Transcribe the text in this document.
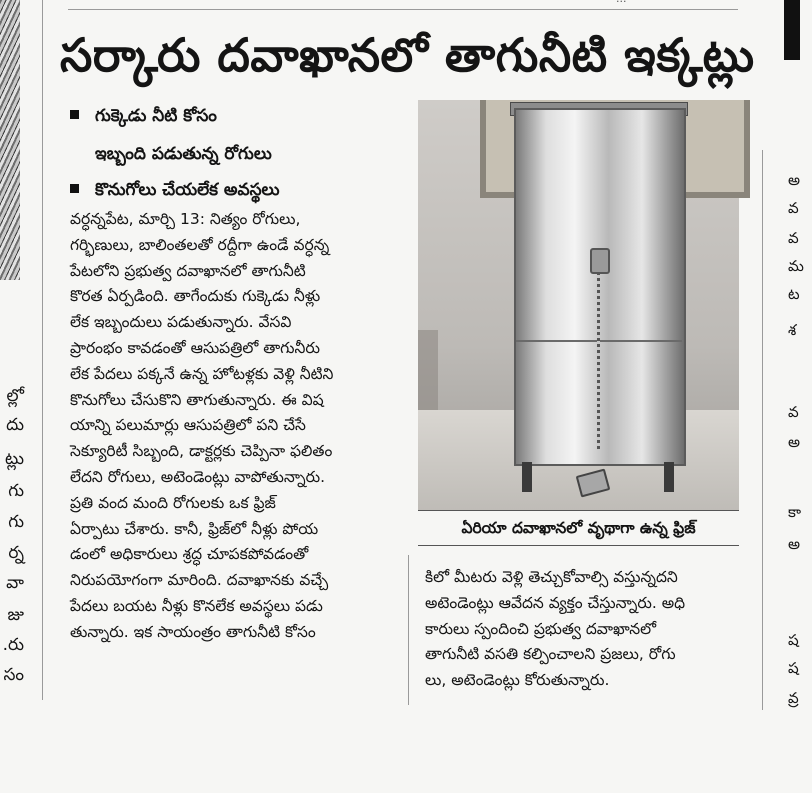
ల్లో
దు
ట్లు
గు
గు
ర్న
వా
జు
రు.
సం
అ
వ
వ
మ
ట
శ
వ
అ
కా
అ
ష
ష
వ్ర
సర్కారు దవాఖానలో తాగునీటి ఇక్కట్లు
గుక్కెడు నీటి కోసం
ఇబ్బంది పడుతున్న రోగులు
కొనుగోలు చేయలేక అవస్థలు
వర్ధన్నపేట, మార్చి 13: నిత్యం రోగులు,
గర్భిణులు, బాలింతలతో రద్దీగా ఉండే వర్ధన్న
పేటలోని ప్రభుత్వ దవాఖానలో తాగునీటి
కొరత ఏర్పడింది. తాగేందుకు గుక్కెడు నీళ్లు
లేక ఇబ్బందులు పడుతున్నారు. వేసవి
ప్రారంభం కావడంతో ఆసుపత్రిలో తాగునీరు
లేక పేదలు పక్కనే ఉన్న హోటళ్లకు వెళ్లి నీటిని
కొనుగోలు చేసుకొని తాగుతున్నారు. ఈ విష
యాన్ని పలుమార్లు ఆసుపత్రిలో పని చేసే
సెక్యూరిటీ సిబ్బంది, డాక్టర్లకు చెప్పినా ఫలితం
లేదని రోగులు, అటెండెంట్లు వాపోతున్నారు.
ప్రతి వంద మంది రోగులకు ఒక ఫ్రిజ్
ఏర్పాటు చేశారు. కానీ, ఫ్రిజ్‌లో నీళ్లు పోయ
డంలో అధికారులు శ్రద్ధ చూపకపోవడంతో
నిరుపయోగంగా మారింది. దవాఖానకు వచ్చే
పేదలు బయట నీళ్లు కొనలేక అవస్థలు పడు
తున్నారు. ఇక సాయంత్రం తాగునీటి కోసం
ఏరియా దవాఖానలో వృథాగా ఉన్న ఫ్రిజ్
కిలో మీటరు వెళ్లి తెచ్చుకోవాల్సి వస్తున్నదని
అటెండెంట్లు ఆవేదన వ్యక్తం చేస్తున్నారు. అధి
కారులు స్పందించి ప్రభుత్వ దవాఖానలో
తాగునీటి వసతి కల్పించాలని ప్రజలు, రోగు
లు, అటెండెంట్లు కోరుతున్నారు.
